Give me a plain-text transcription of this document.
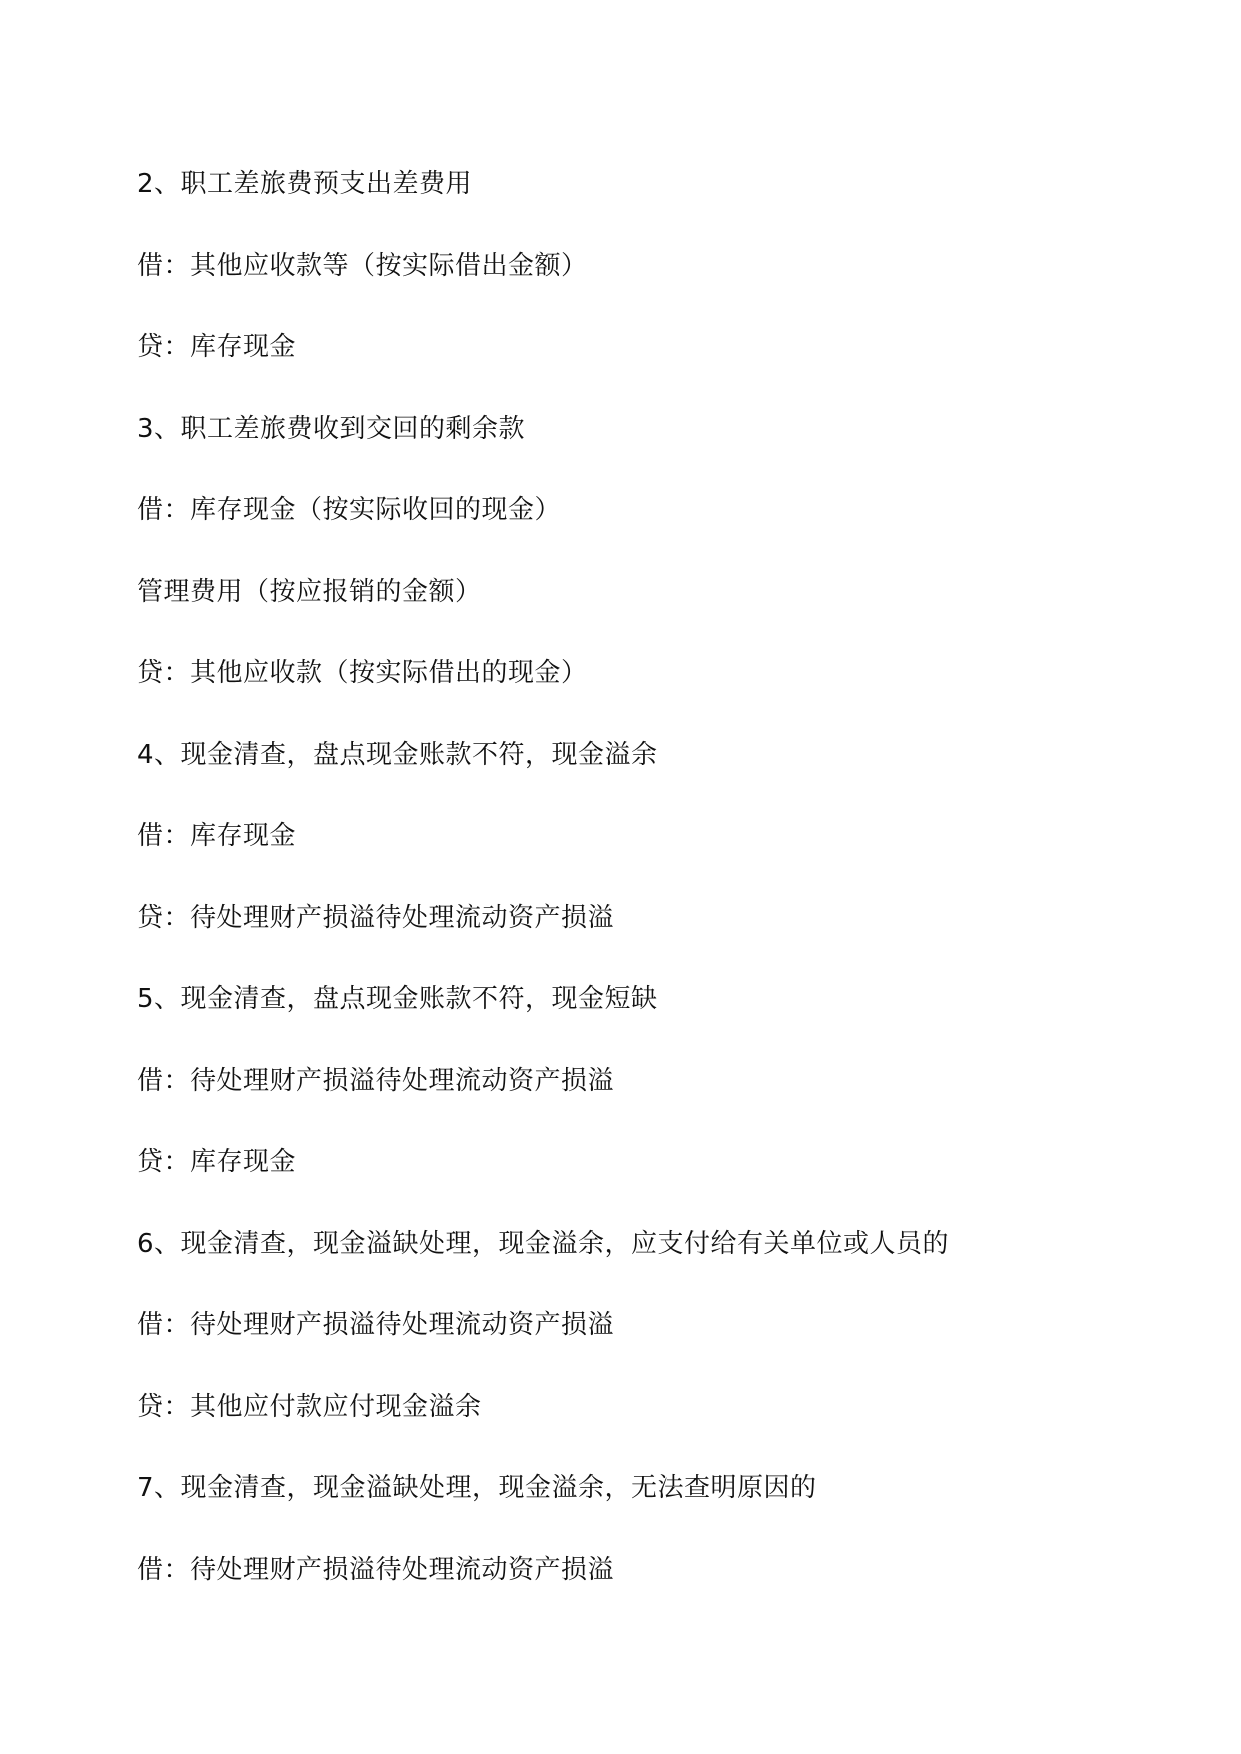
2、职工差旅费预支出差费用
借：其他应收款等（按实际借出金额）
贷：库存现金
3、职工差旅费收到交回的剩余款
借：库存现金（按实际收回的现金）
管理费用（按应报销的金额）
贷：其他应收款（按实际借出的现金）
4、现金清查，盘点现金账款不符，现金溢余
借：库存现金
贷：待处理财产损溢待处理流动资产损溢
5、现金清查，盘点现金账款不符，现金短缺
借：待处理财产损溢待处理流动资产损溢
贷：库存现金
6、现金清查，现金溢缺处理，现金溢余，应支付给有关单位或人员的
借：待处理财产损溢待处理流动资产损溢
贷：其他应付款应付现金溢余
7、现金清查，现金溢缺处理，现金溢余，无法查明原因的
借：待处理财产损溢待处理流动资产损溢
